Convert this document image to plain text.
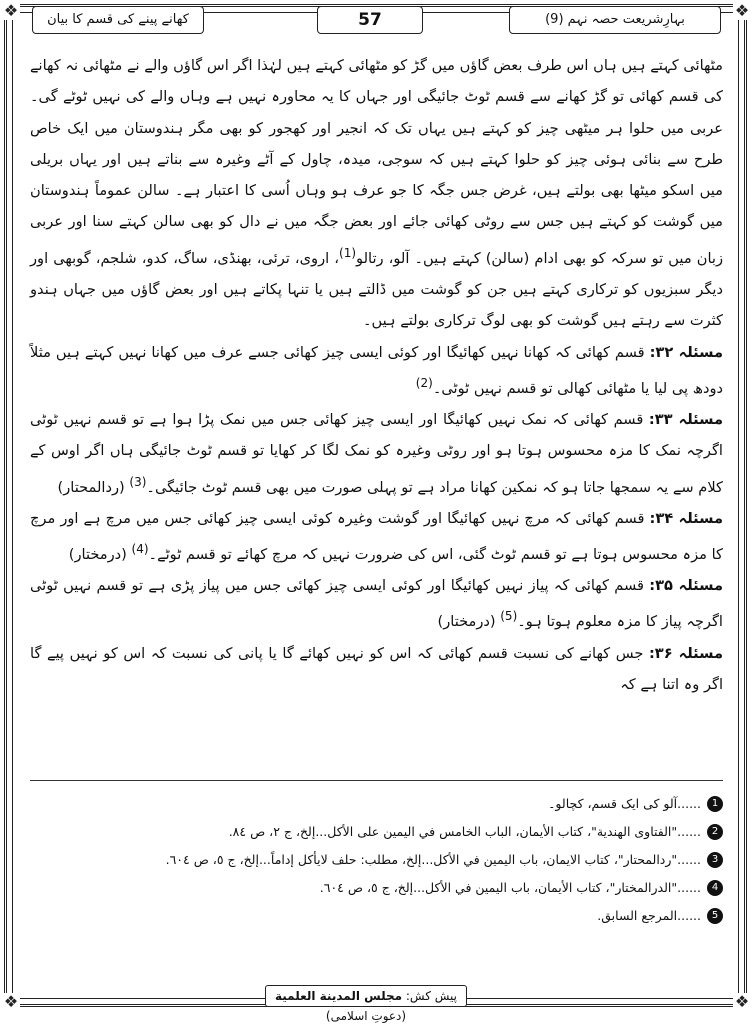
❖	❖
❖	❖
بہارِشریعت حصہ نہم (9)
57
کھانے پینے کی قسم کا بیان

مٹھائی کہتے ہیں ہاں اس طرف بعض گاؤں میں گڑ کو مٹھائی کہتے ہیں لہٰذا اگر اس گاؤں والے نے مٹھائی نہ کھانے کی قسم کھائی تو گڑ کھانے سے قسم ٹوٹ جائیگی اور جہاں کا یہ محاورہ نہیں ہے وہاں والے کی نہیں ٹوٹے گی۔ عربی میں حلوا ہر میٹھی چیز کو کہتے ہیں یہاں تک کہ انجیر اور کھجور کو بھی مگر ہندوستان میں ایک خاص طرح سے بنائی ہوئی چیز کو حلوا کہتے ہیں کہ سوجی، میدہ، چاول کے آٹے وغیرہ سے بناتے ہیں اور یہاں بریلی میں اسکو میٹھا بھی بولتے ہیں، غرض جس جگہ کا جو عرف ہو وہاں اُسی کا اعتبار ہے۔ سالن عموماً ہندوستان میں گوشت کو کہتے ہیں جس سے روٹی کھائی جائے اور بعض جگہ میں نے دال کو بھی سالن کہتے سنا اور عربی زبان میں تو سرکہ کو بھی ادام (سالن) کہتے ہیں۔ آلو، رتالو$^{(1)}$، اروی، ترئی، بھنڈی، ساگ، کدو، شلجم، گوبھی اور دیگر سبزیوں کو ترکاری کہتے ہیں جن کو گوشت میں ڈالتے ہیں یا تنہا پکاتے ہیں اور بعض گاؤں میں جہاں ہندو کثرت سے رہتے ہیں گوشت کو بھی لوگ ترکاری بولتے ہیں۔

مسئلہ ۳۲: قسم کھائی کہ کھانا نہیں کھائیگا اور کوئی ایسی چیز کھائی جسے عرف میں کھانا نہیں کہتے ہیں مثلاً دودھ پی لیا یا مٹھائی کھالی تو قسم نہیں ٹوٹی۔$^{(2)}$

مسئلہ ۳۳: قسم کھائی کہ نمک نہیں کھائیگا اور ایسی چیز کھائی جس میں نمک پڑا ہوا ہے تو قسم نہیں ٹوٹی اگرچہ نمک کا مزہ محسوس ہوتا ہو اور روٹی وغیرہ کو نمک لگا کر کھایا تو قسم ٹوٹ جائیگی ہاں اگر اوس کے کلام سے یہ سمجھا جاتا ہو کہ نمکین کھانا مراد ہے تو پہلی صورت میں بھی قسم ٹوٹ جائیگی۔$^{(3)}$ (ردالمحتار)

مسئلہ ۳۴: قسم کھائی کہ مرچ نہیں کھائیگا اور گوشت وغیرہ کوئی ایسی چیز کھائی جس میں مرچ ہے اور مرچ کا مزہ محسوس ہوتا ہے تو قسم ٹوٹ گئی، اس کی ضرورت نہیں کہ مرچ کھائے تو قسم ٹوٹے۔$^{(4)}$ (درمختار)

مسئلہ ۳۵: قسم کھائی کہ پیاز نہیں کھائیگا اور کوئی ایسی چیز کھائی جس میں پیاز پڑی ہے تو قسم نہیں ٹوٹی اگرچہ پیاز کا مزہ معلوم ہوتا ہو۔$^{(5)}$ (درمختار)

مسئلہ ۳۶: جس کھانے کی نسبت قسم کھائی کہ اس کو نہیں کھائے گا یا پانی کی نسبت کہ اس کو نہیں پیے گا اگر وہ اتنا ہے کہ

1
......آلو کی ایک قسم، کچالو۔

2
......"الفتاوى الهندية"، كتاب الأيمان، الباب الخامس في اليمين على الأكل...إلخ، ج ٢، ص ٨٤.

3
......"ردالمحتار"، كتاب الايمان، باب اليمين في الأكل...إلخ، مطلب: حلف لايأكل إداماً...إلخ، ج ٥، ص ٦٠٤.

4
......"الدرالمختار"، كتاب الأيمان، باب اليمين في الأكل...إلخ، ج ٥، ص ٦٠٤.

5
......المرجع السابق.

پیش کش: مجلس المدينة العلمية (دعوتِ اسلامی)
